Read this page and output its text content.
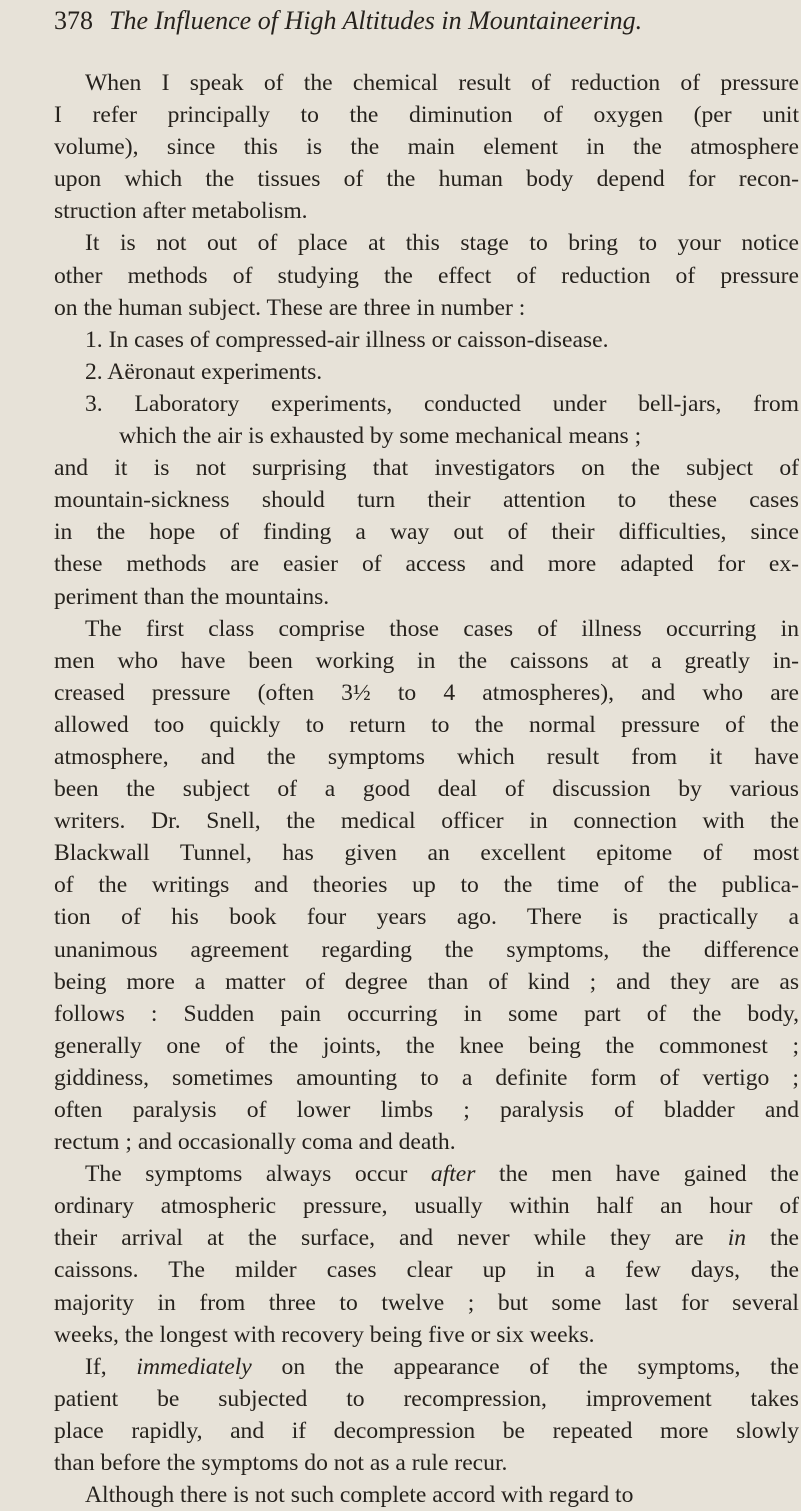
378 The Influence of High Altitudes in Mountaineering.
When I speak of the chemical result of reduction of pressure
I refer principally to the diminution of oxygen (per unit
volume), since this is the main element in the atmosphere
upon which the tissues of the human body depend for recon-
struction after metabolism.
It is not out of place at this stage to bring to your notice
other methods of studying the effect of reduction of pressure
on the human subject. These are three in number :
1. In cases of compressed-air illness or caisson-disease.
2. Aëronaut experiments.
3. Laboratory experiments, conducted under bell-jars, from
which the air is exhausted by some mechanical means ;
and it is not surprising that investigators on the subject of
mountain-sickness should turn their attention to these cases
in the hope of finding a way out of their difficulties, since
these methods are easier of access and more adapted for ex-
periment than the mountains.
The first class comprise those cases of illness occurring in
men who have been working in the caissons at a greatly in-
creased pressure (often 3½ to 4 atmospheres), and who are
allowed too quickly to return to the normal pressure of the
atmosphere, and the symptoms which result from it have
been the subject of a good deal of discussion by various
writers. Dr. Snell, the medical officer in connection with the
Blackwall Tunnel, has given an excellent epitome of most
of the writings and theories up to the time of the publica-
tion of his book four years ago. There is practically a
unanimous agreement regarding the symptoms, the difference
being more a matter of degree than of kind ; and they are as
follows : Sudden pain occurring in some part of the body,
generally one of the joints, the knee being the commonest ;
giddiness, sometimes amounting to a definite form of vertigo ;
often paralysis of lower limbs ; paralysis of bladder and
rectum ; and occasionally coma and death.
The symptoms always occur after the men have gained the
ordinary atmospheric pressure, usually within half an hour of
their arrival at the surface, and never while they are in the
caissons. The milder cases clear up in a few days, the
majority in from three to twelve ; but some last for several
weeks, the longest with recovery being five or six weeks.
If, immediately on the appearance of the symptoms, the
patient be subjected to recompression, improvement takes
place rapidly, and if decompression be repeated more slowly
than before the symptoms do not as a rule recur.
Although there is not such complete accord with regard to
